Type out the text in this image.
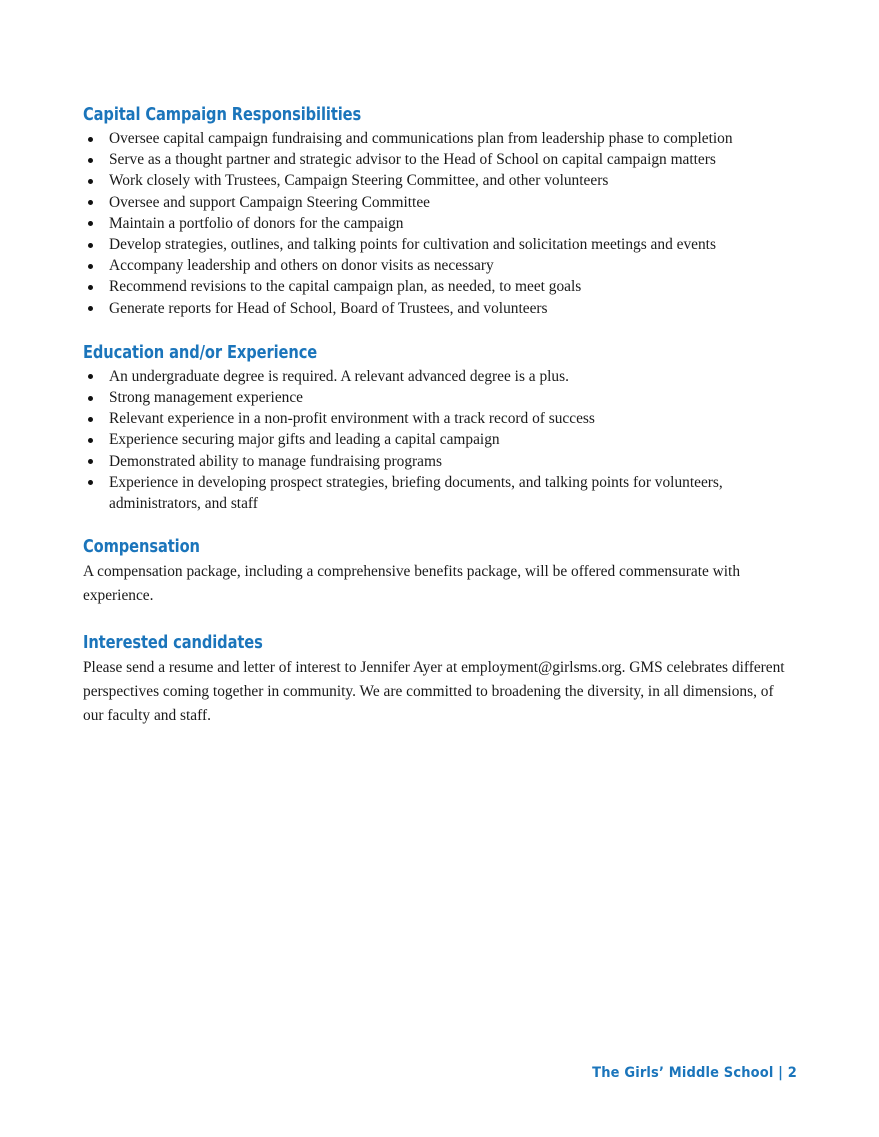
Capital Campaign Responsibilities
Oversee capital campaign fundraising and communications plan from leadership phase to completion
Serve as a thought partner and strategic advisor to the Head of School on capital campaign matters
Work closely with Trustees, Campaign Steering Committee, and other volunteers
Oversee and support Campaign Steering Committee
Maintain a portfolio of donors for the campaign
Develop strategies, outlines, and talking points for cultivation and solicitation meetings and events
Accompany leadership and others on donor visits as necessary
Recommend revisions to the capital campaign plan, as needed, to meet goals
Generate reports for Head of School, Board of Trustees, and volunteers
Education and/or Experience
An undergraduate degree is required. A relevant advanced degree is a plus.
Strong management experience
Relevant experience in a non-profit environment with a track record of success
Experience securing major gifts and leading a capital campaign
Demonstrated ability to manage fundraising programs
Experience in developing prospect strategies, briefing documents, and talking points for volunteers, administrators, and staff
Compensation

A compensation package, including a comprehensive benefits package, will be offered commensurate with experience.

Interested candidates

Please send a resume and letter of interest to Jennifer Ayer at employment@girlsms.org. GMS celebrates different perspectives coming together in community. We are committed to broadening the diversity, in all dimensions, of our faculty and staff.

The Girls’ Middle School | 2
